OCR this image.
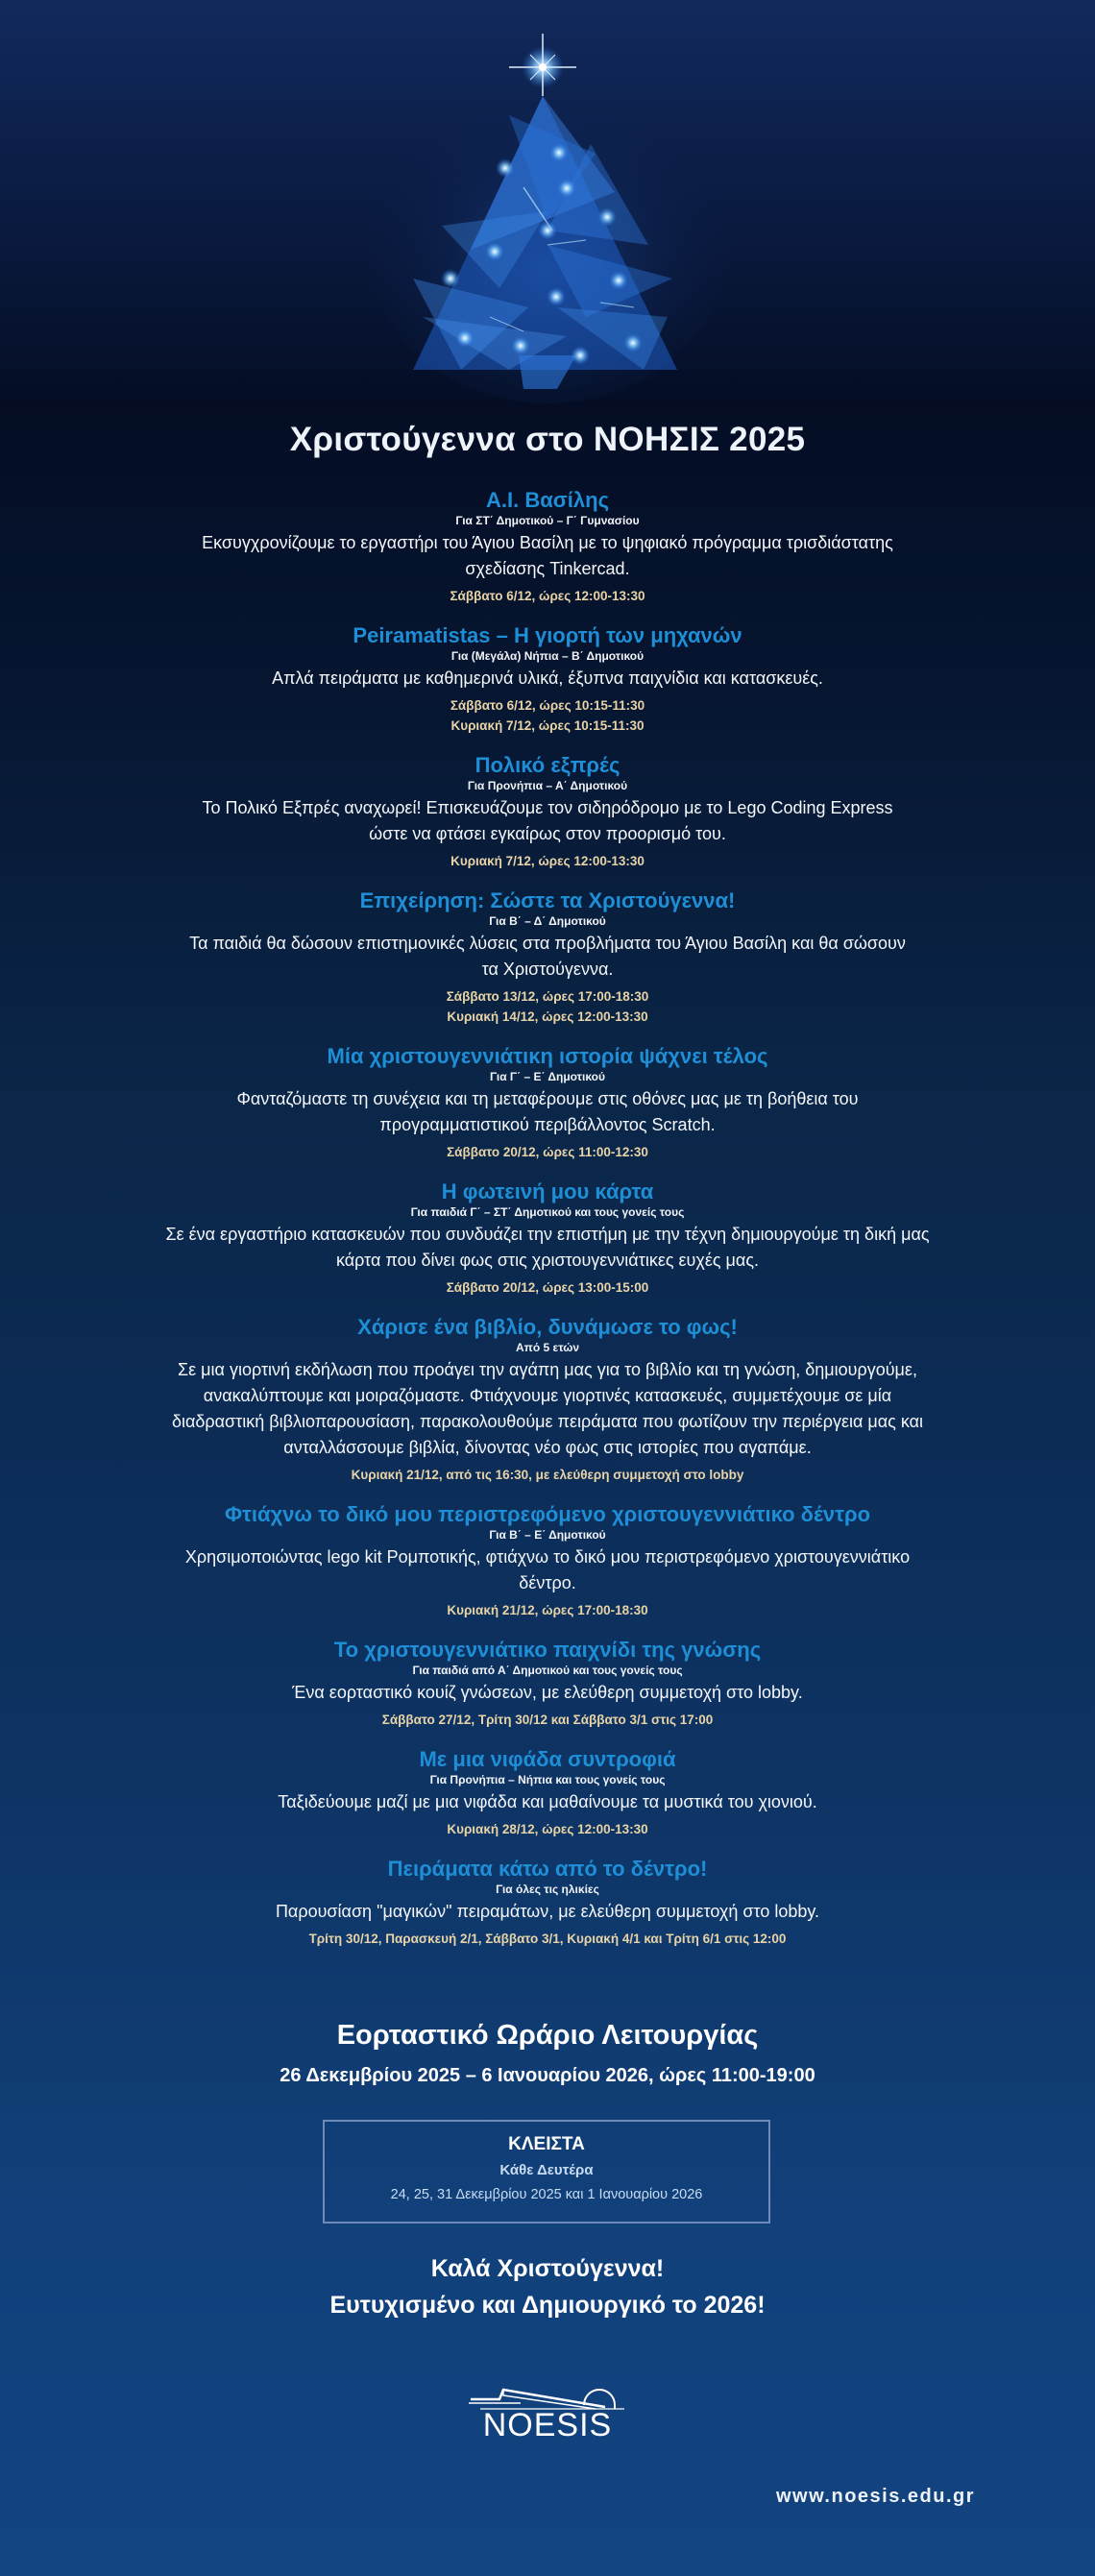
Χριστούγεννα στο ΝΟΗΣΙΣ 2025
A.I. Βασίλης
Για ΣΤ΄ Δημοτικού – Γ΄ Γυμνασίου
Εκσυγχρονίζουμε το εργαστήρι του Άγιου Βασίλη με το ψηφιακό πρόγραμμα τρισδιάστατης σχεδίασης Tinkercad.
Σάββατο 6/12, ώρες 12:00-13:30
Peiramatistas – Η γιορτή των μηχανών
Για (Μεγάλα) Νήπια – Β΄ Δημοτικού
Απλά πειράματα με καθημερινά υλικά, έξυπνα παιχνίδια και κατασκευές.
Σάββατο 6/12, ώρες 10:15-11:30
Κυριακή 7/12, ώρες 10:15-11:30
Πολικό εξπρές
Για Προνήπια – Α΄ Δημοτικού
Το Πολικό Εξπρές αναχωρεί! Επισκευάζουμε τον σιδηρόδρομο με το Lego Coding Express ώστε να φτάσει εγκαίρως στον προορισμό του.
Κυριακή 7/12, ώρες 12:00-13:30
Επιχείρηση: Σώστε τα Χριστούγεννα!
Για Β΄ – Δ΄ Δημοτικού
Τα παιδιά θα δώσουν επιστημονικές λύσεις στα προβλήματα του Άγιου Βασίλη και θα σώσουν τα Χριστούγεννα.
Σάββατο 13/12, ώρες 17:00-18:30
Κυριακή 14/12, ώρες 12:00-13:30
Μία χριστουγεννιάτικη ιστορία ψάχνει τέλος
Για Γ΄ – Ε΄ Δημοτικού
Φανταζόμαστε τη συνέχεια και τη μεταφέρουμε στις οθόνες μας με τη βοήθεια του προγραμματιστικού περιβάλλοντος Scratch.
Σάββατο 20/12, ώρες 11:00-12:30
Η φωτεινή μου κάρτα
Για παιδιά Γ΄ – ΣΤ΄ Δημοτικού και τους γονείς τους
Σε ένα εργαστήριο κατασκευών που συνδυάζει την επιστήμη με την τέχνη δημιουργούμε τη δική μας κάρτα που δίνει φως στις χριστουγεννιάτικες ευχές μας.
Σάββατο 20/12, ώρες 13:00-15:00
Χάρισε ένα βιβλίο, δυνάμωσε το φως!
Από 5 ετών
Σε μια γιορτινή εκδήλωση που προάγει την αγάπη μας για το βιβλίο και τη γνώση, δημιουργούμε, ανακαλύπτουμε και μοιραζόμαστε. Φτιάχνουμε γιορτινές κατασκευές, συμμετέχουμε σε μία διαδραστική βιβλιοπαρουσίαση, παρακολουθούμε πειράματα που φωτίζουν την περιέργεια μας και ανταλλάσσουμε βιβλία, δίνοντας νέο φως στις ιστορίες που αγαπάμε.
Κυριακή 21/12, από τις 16:30, με ελεύθερη συμμετοχή στο lobby
Φτιάχνω το δικό μου περιστρεφόμενο χριστουγεννιάτικο δέντρο
Για Β΄ – Ε΄ Δημοτικού
Χρησιμοποιώντας lego kit Ρομποτικής, φτιάχνω το δικό μου περιστρεφόμενο χριστουγεννιάτικο δέντρο.
Κυριακή 21/12, ώρες 17:00-18:30
Το χριστουγεννιάτικο παιχνίδι της γνώσης
Για παιδιά από Α΄ Δημοτικού και τους γονείς τους
Ένα εορταστικό κουίζ γνώσεων, με ελεύθερη συμμετοχή στο lobby.
Σάββατο 27/12, Τρίτη 30/12 και Σάββατο 3/1 στις 17:00
Με μια νιφάδα συντροφιά
Για Προνήπια – Νήπια και τους γονείς τους
Ταξιδεύουμε μαζί με μια νιφάδα και μαθαίνουμε τα μυστικά του χιονιού.
Κυριακή 28/12, ώρες 12:00-13:30
Πειράματα κάτω από το δέντρο!
Για όλες τις ηλικίες
Παρουσίαση "μαγικών" πειραμάτων, με ελεύθερη συμμετοχή στο lobby.
Τρίτη 30/12, Παρασκευή 2/1, Σάββατο 3/1, Κυριακή 4/1 και Τρίτη 6/1 στις 12:00
Εορταστικό Ωράριο Λειτουργίας
26 Δεκεμβρίου 2025 – 6 Ιανουαρίου 2026, ώρες 11:00-19:00
ΚΛΕΙΣΤΑ
Κάθε Δευτέρα
24, 25, 31 Δεκεμβρίου 2025 και 1 Ιανουαρίου 2026
Καλά Χριστούγεννα!
Ευτυχισμένο και Δημιουργικό το 2026!
NOESIS
www.noesis.edu.gr
